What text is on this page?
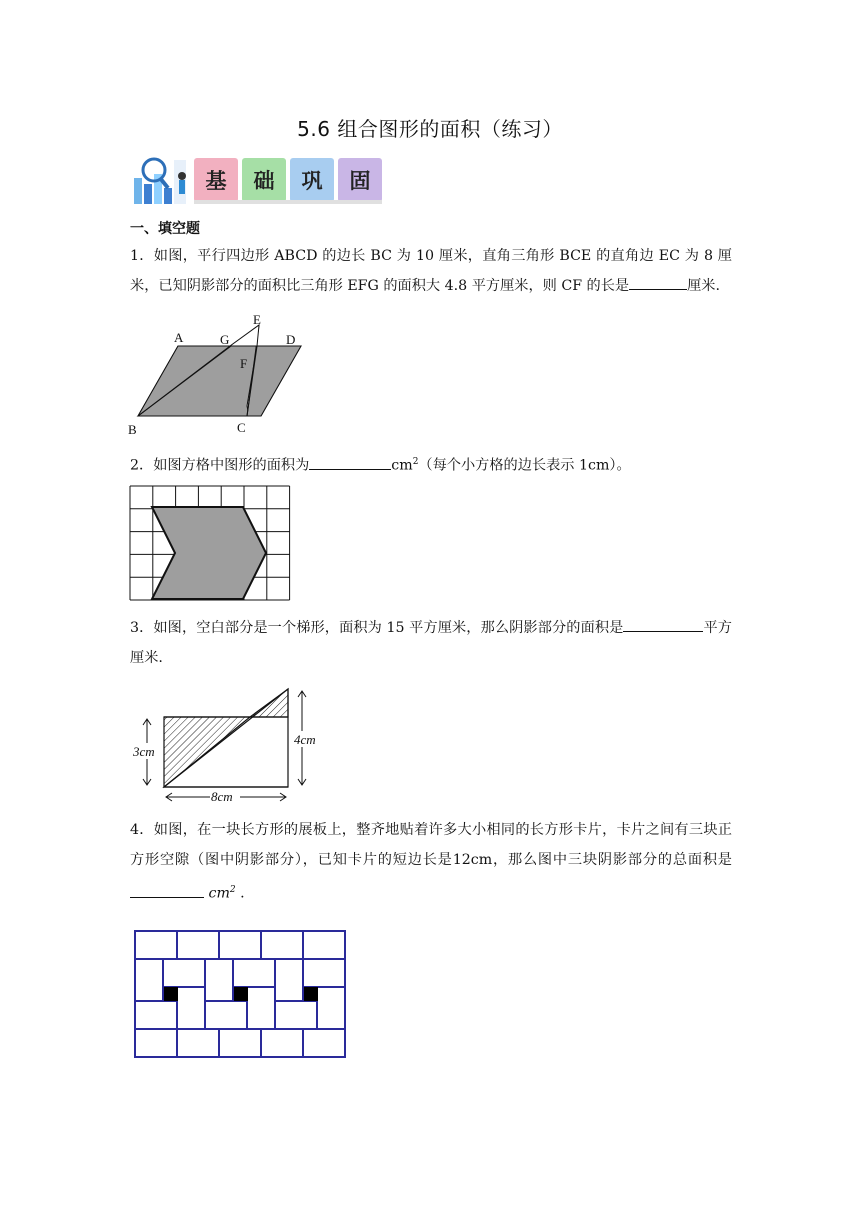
5.6 组合图形的面积（练习）
基 础 巩 固
一、填空题
1．如图，平行四边形 ABCD 的边长 BC 为 10 厘米，直角三角形 BCE 的直角边 EC 为 8 厘米，已知阴影部分的面积比三角形 EFG 的面积大 4.8 平方厘米，则 CF 的长是	厘米.
A
B	C
D
E
F
G
2．如图方格中图形的面积为	$cm^2$（每个小方格的边长表示 1cm）。
3．如图，空白部分是一个梯形，面积为 15 平方厘米，那么阴影部分的面积是	平方厘米.
3cm
4cm
8cm
4．如图，在一块长方形的展板上，整齐地贴着许多大小相同的长方形卡片，卡片之间有三块正方形空隙（图中阴影部分），已知卡片的短边长是12cm，那么图中三块阴影部分的总面积是 $cm^2$ .
